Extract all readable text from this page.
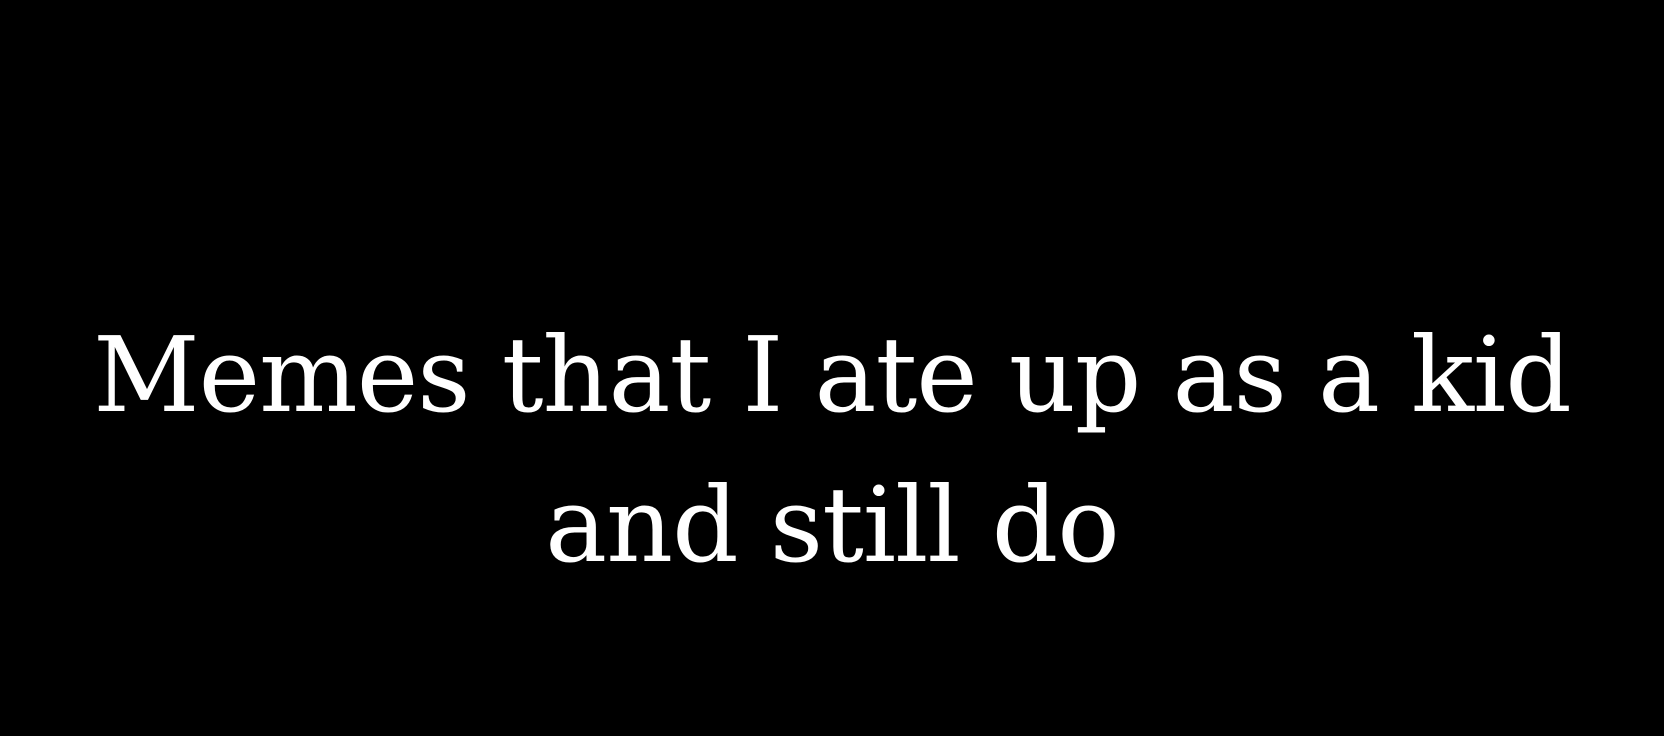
Memes that I ate up as a kid
and still do
